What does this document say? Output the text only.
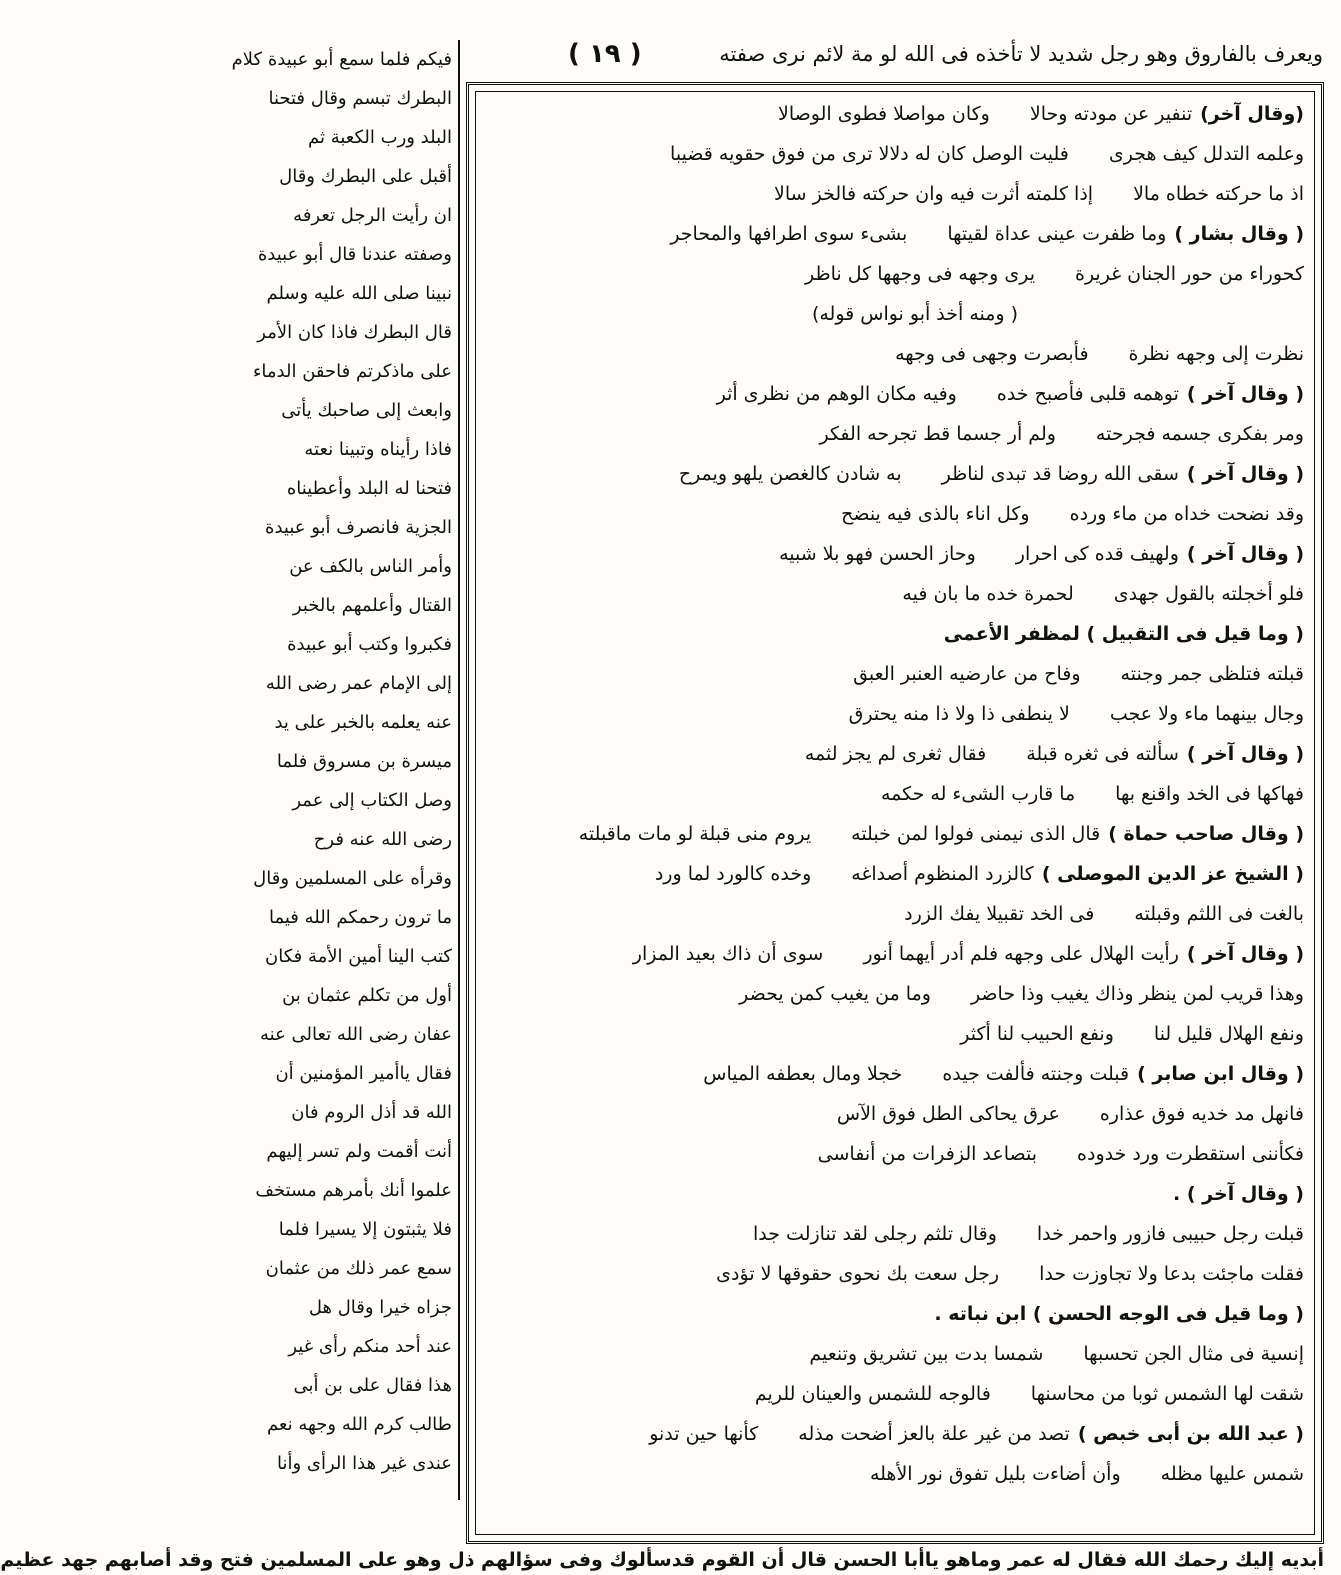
ويعرف بالفاروق وهو رجل شديد لا تأخذه فى الله لو مة لائم نرى صفته
( ١٩ )
فيكم فلما سمع أبو عبيدة كلام
البطرك تبسم وقال فتحنا
البلد ورب الكعبة ثم
أقبل على البطرك وقال
ان رأيت الرجل تعرفه
وصفته عندنا قال أبو عبيدة
نبينا صلى الله عليه وسلم
قال البطرك فاذا كان الأمر
على ماذكرتم فاحقن الدماء
وابعث إلى صاحبك يأتى
فاذا رأيناه وتبينا نعته
فتحنا له البلد وأعطيناه
الجزية فانصرف أبو عبيدة
وأمر الناس بالكف عن
القتال وأعلمهم بالخبر
فكبروا وكتب أبو عبيدة
إلى الإمام عمر رضى الله
عنه يعلمه بالخبر على يد
ميسرة بن مسروق فلما
وصل الكتاب إلى عمر
رضى الله عنه فرح
وقرأه على المسلمين وقال
ما ترون رحمكم الله فيما
كتب الينا أمين الأمة فكان
أول من تكلم عثمان بن
عفان رضى الله تعالى عنه
فقال ياأمير المؤمنين أن
الله قد أذل الروم فان
أنت أقمت ولم تسر إليهم
علموا أنك بأمرهم مستخف
فلا يثبتون إلا يسيرا فلما
سمع عمر ذلك من عثمان
جزاه خيرا وقال هل
عند أحد منكم رأى غير
هذا فقال على بن أبى
طالب كرم الله وجهه نعم
عندى غير هذا الرأى وأنا
(وقال آخر)تنفير عن مودته وحالاوكان مواصلا فطوى الوصالا
وعلمه التدلل كيف هجرىفليت الوصل كان له دلالا ترى من فوق حقويه قضيبا
اذ ما حركته خطاه مالاإذا كلمته أثرت فيه وان حركته فالخز سالا
( وقال بشار )وما ظفرت عينى عداة لقيتهابشىء سوى اطرافها والمحاجر
كحوراء من حور الجنان غريرةيرى وجهه فى وجهها كل ناظر
( ومنه أخذ أبو نواس قوله)
نظرت إلى وجهه نظرةفأبصرت وجهى فى وجهه
( وقال آخر )توهمه قلبى فأصبح خدهوفيه مكان الوهم من نظرى أثر
ومر بفكرى جسمه فجرحتهولم أر جسما قط تجرحه الفكر
( وقال آخر )سقى الله روضا قد تبدى لناظربه شادن كالغصن يلهو ويمرح
وقد نضحت خداه من ماء وردهوكل اناء بالذى فيه ينضح
( وقال آخر )ولهيف قده كى احراروحاز الحسن فهو بلا شبيه
فلو أخجلته بالقول جهدىلحمرة خده ما بان فيه
( وما قيل فى التقبيل ) لمظفر الأعمى
قبلته فتلظى جمر وجنتهوفاح من عارضيه العنبر العبق
وجال بينهما ماء ولا عجبلا ينطفى ذا ولا ذا منه يحترق
( وقال آخر )سألته فى ثغره قبلةفقال ثغرى لم يجز لثمه
فهاكها فى الخد واقنع بهاما قارب الشىء له حكمه
( وقال صاحب حماة )قال الذى نيمنى فولوا لمن خبلتهيروم منى قبلة لو مات ماقبلته
( الشيخ عز الدين الموصلى )كالزرد المنظوم أصداغهوخده كالورد لما ورد
بالغت فى اللثم وقبلتهفى الخد تقبيلا يفك الزرد
( وقال آخر )رأيت الهلال على وجهه فلم أدر أيهما أنورسوى أن ذاك بعيد المزار
وهذا قريب لمن ينظر وذاك يغيب وذا حاضروما من يغيب كمن يحضر
ونفع الهلال قليل لناونفع الحبيب لنا أكثر
( وقال ابن صابر )قبلت وجنته فألفت جيدهخجلا ومال بعطفه المياس
فانهل مد خديه فوق عذارهعرق يحاكى الطل فوق الآس
فكأننى استقطرت ورد خدودهبتصاعد الزفرات من أنفاسى
( وقال آخر ) .
قبلت رجل حبيبى فازور واحمر خداوقال تلثم رجلى لقد تنازلت جدا
فقلت ماجئت بدعا ولا تجاوزت حدارجل سعت بك نحوى حقوقها لا تؤدى
( وما قيل فى الوجه الحسن ) ابن نباته .
إنسية فى مثال الجن تحسبهاشمسا بدت بين تشريق وتنعيم
شقت لها الشمس ثوبا من محاسنهافالوجه للشمس والعينان للريم
( عبد الله بن أبى خبص )تصد من غير علة بالعز أضحت مذلهكأنها حين تدنو
شمس عليها مظلهوأن أضاءت بليل تفوق نور الأهله
أبديه إليك رحمك الله فقال له عمر وماهو ياأبا الحسن قال أن القوم قدسألوك وفى سؤالهم ذل وهو على المسلمين فتح وقد أصابهم جهد عظيم
